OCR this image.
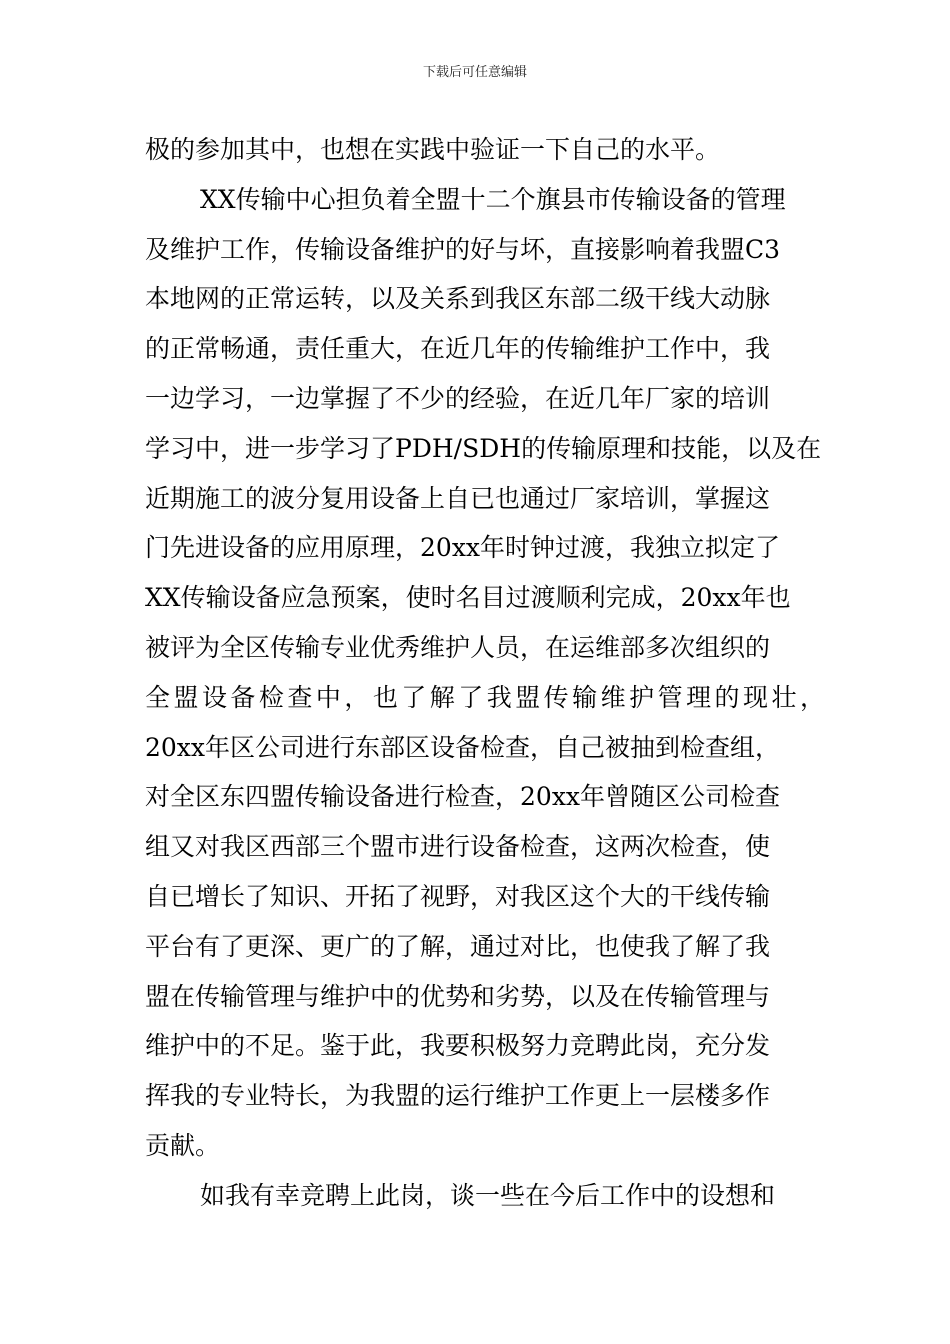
下载后可任意编辑
极的参加其中，也想在实践中验证一下自己的水平。
XX传输中心担负着全盟十二个旗县市传输设备的管理
及维护工作，传输设备维护的好与坏，直接影响着我盟C3
本地网的正常运转，以及关系到我区东部二级干线大动脉
的正常畅通，责任重大，在近几年的传输维护工作中，我
一边学习，一边掌握了不少的经验，在近几年厂家的培训
学习中，进一步学习了PDH/SDH的传输原理和技能，以及在
近期施工的波分复用设备上自已也通过厂家培训，掌握这
门先进设备的应用原理，20xx年时钟过渡，我独立拟定了
XX传输设备应急预案，使时名目过渡顺利完成，20xx年也
被评为全区传输专业优秀维护人员，在运维部多次组织的
全盟设备检查中，也了解了我盟传输维护管理的现壮，
20xx年区公司进行东部区设备检查，自己被抽到检查组，
对全区东四盟传输设备进行检查，20xx年曾随区公司检查
组又对我区西部三个盟市进行设备检查，这两次检查，使
自已增长了知识、开拓了视野，对我区这个大的干线传输
平台有了更深、更广的了解，通过对比，也使我了解了我
盟在传输管理与维护中的优势和劣势，以及在传输管理与
维护中的不足。鉴于此，我要积极努力竞聘此岗，充分发
挥我的专业特长，为我盟的运行维护工作更上一层楼多作
贡献。
如我有幸竞聘上此岗，谈一些在今后工作中的设想和
